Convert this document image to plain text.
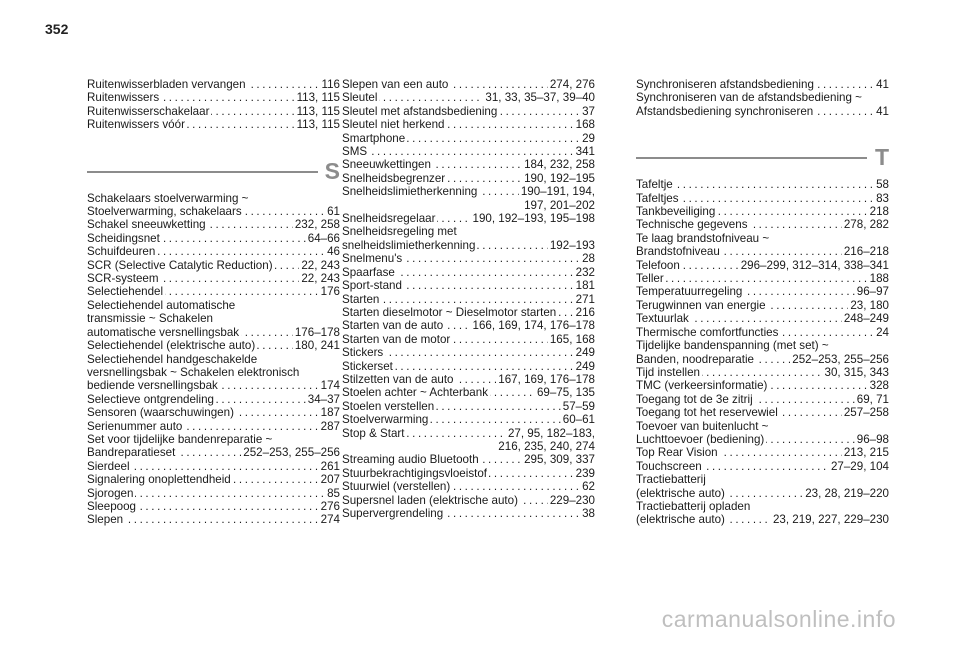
352
Ruitenwisserbladen vervangen	116
. . .
Ruitenwissers	113, 115
. . .
Ruitenwisserschakelaar	113, 115
. . .
Ruitenwissers vóór	113, 115
. . .
S
Schakelaars stoelverwarming ~
Stoelverwarming, schakelaars	61
. . .
Schakel sneeuwketting	232, 258
. . .
Scheidingsnet	64–66
. . .
Schuifdeuren	46
. . .
SCR (Selective Catalytic Reduction) 22, 243
. . .
SCR-systeem	22, 243
. . .
Selectiehendel	176
. . .
Selectiehendel automatische
transmissie ~ Schakelen
automatische versnellingsbak	176–178
. . .
Selectiehendel (elektrische auto)	180, 241
. . .
Selectiehendel handgeschakelde
versnellingsbak ~ Schakelen elektronisch
bediende versnellingsbak	174
. . .
Selectieve ontgrendeling	34–37
. . .
Sensoren (waarschuwingen)	187
. . .
Serienummer auto	287
. . .
Set voor tijdelijke bandenreparatie ~
Bandreparatieset	252–253, 255–256
. . .
Sierdeel	261
. . .
Signalering onoplettendheid	207
. . .
Sjorogen	85
. . .
Sleepoog	276
. . .
Slepen	274
. . .
Slepen van een auto	274, 276
. . .
Sleutel	31, 33, 35–37, 39–40
. . .
Sleutel met afstandsbediening	37
. . .
Sleutel niet herkend	168
. . .
Smartphone	29
. . .
SMS	341
. . .
Sneeuwkettingen	184, 232, 258
. . .
Snelheidsbegrenzer	190, 192–195
. . .
Snelheidslimietherkenning	190–191, 194,
. . .
197, 201–202
Snelheidsregelaar	190, 192–193, 195–198
. . .
Snelheidsregeling met
snelheidslimietherkenning	192–193
. . .
Snelmenu's	28
. . .
Spaarfase	232
. . .
Sport-stand	181
. . .
Starten	271
. . .
Starten dieselmotor ~ Dieselmotor starten 216
. . .
Starten van de auto	166, 169, 174, 176–178
. . .
Starten van de motor	165, 168
. . .
Stickers	249
. . .
Stickerset	249
. . .
Stilzetten van de auto	167, 169, 176–178
. . .
Stoelen achter ~ Achterbank	69–75, 135
. . .
Stoelen verstellen	57–59
. . .
Stoelverwarming	60–61
. . .
Stop & Start	27, 95, 182–183,
. . .
216, 235, 240, 274
Streaming audio Bluetooth	295, 309, 337
. . .
Stuurbekrachtigingsvloeistof	239
. . .
Stuurwiel (verstellen)	62
. . .
Supersnel laden (elektrische auto)	229–230
. . .
Supervergrendeling	38
. . .
Synchroniseren afstandsbediening	41
. . .
Synchroniseren van de afstandsbediening ~
Afstandsbediening synchroniseren	41
. . .
T
Tafeltje	58
. . .
Tafeltjes	83
. . .
Tankbeveiliging	218
. . .
Technische gegevens	278, 282
. . .
Te laag brandstofniveau ~
Brandstofniveau	216–218
. . .
Telefoon	296–299, 312–314, 338–341
. . .
Teller	188
. . .
Temperatuurregeling	96–97
. . .
Terugwinnen van energie	23, 180
. . .
Textuurlak	248–249
. . .
Thermische comfortfuncties	24
. . .
Tijdelijke bandenspanning (met set) ~
Banden, noodreparatie	252–253, 255–256
. . .
Tijd instellen	30, 315, 343
. . .
TMC (verkeersinformatie)	328
. . .
Toegang tot de 3e zitrij	69, 71
. . .
Toegang tot het reservewiel	257–258
. . .
Toevoer van buitenlucht ~
Luchttoevoer (bediening)	96–98
. . .
Top Rear Vision	213, 215
. . .
Touchscreen	27–29, 104
. . .
Tractiebatterij
(elektrische auto)	23, 28, 219–220
. . .
Tractiebatterij opladen
(elektrische auto)	23, 219, 227, 229–230
. . .
carmanualsonline.info
